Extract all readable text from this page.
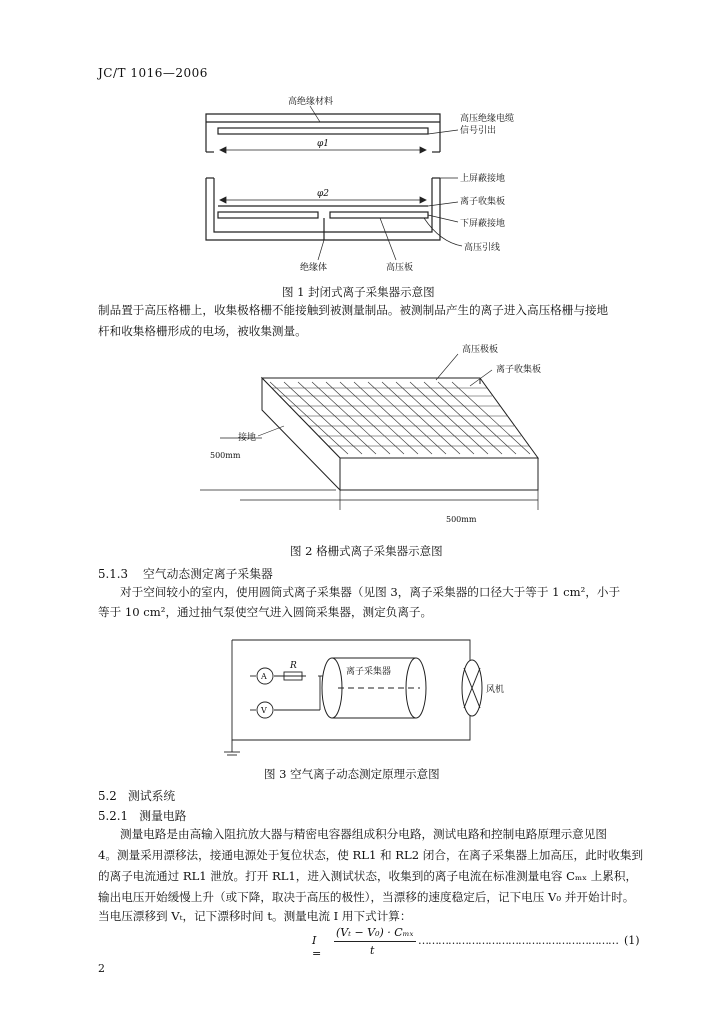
JC/T 1016—2006
高绝缘材料
高压绝缘电缆
信号引出
φ1
上屏蔽接地
φ2
离子收集板
下屏蔽接地
高压引线
绝缘体	高压板
图 1 封闭式离子采集器示意图
制品置于高压格栅上，收集极格栅不能接触到被测量制品。被测制品产生的离子进入高压格栅与接地
杆和收集格栅形成的电场，被收集测量。
高压极板
离子收集板
接地
500mm
500mm
图 2 格栅式离子采集器示意图
5.1.3 空气动态测定离子采集器
对于空间较小的室内，使用圆筒式离子采集器（见图 3，离子采集器的口径大于等于 1 cm²，小于
等于 10 cm²，通过抽气泵使空气进入圆筒采集器，测定负离子。
R
A
V
离子采集器
风机
图 3 空气离子动态测定原理示意图
5.2 测试系统
5.2.1 测量电路
测量电路是由高输入阻抗放大器与精密电容器组成积分电路，测试电路和控制电路原理示意见图
4。测量采用漂移法，接通电源处于复位状态，使 RL1 和 RL2 闭合，在离子采集器上加高压，此时收集到
的离子电流通过 RL1 泄放。打开 RL1，进入测试状态，收集到的离子电流在标准测量电容 Cₘₓ 上累积，
输出电压开始缓慢上升（或下降，取决于高压的极性），当漂移的速度稳定后，记下电压 V₀ 并开始计时。
当电压漂移到 Vₜ，记下漂移时间 t。测量电流 I 用下式计算：
I =
(Vₜ − V₀) · Cₘₓ
t
…………………………………………………… (1)
2
